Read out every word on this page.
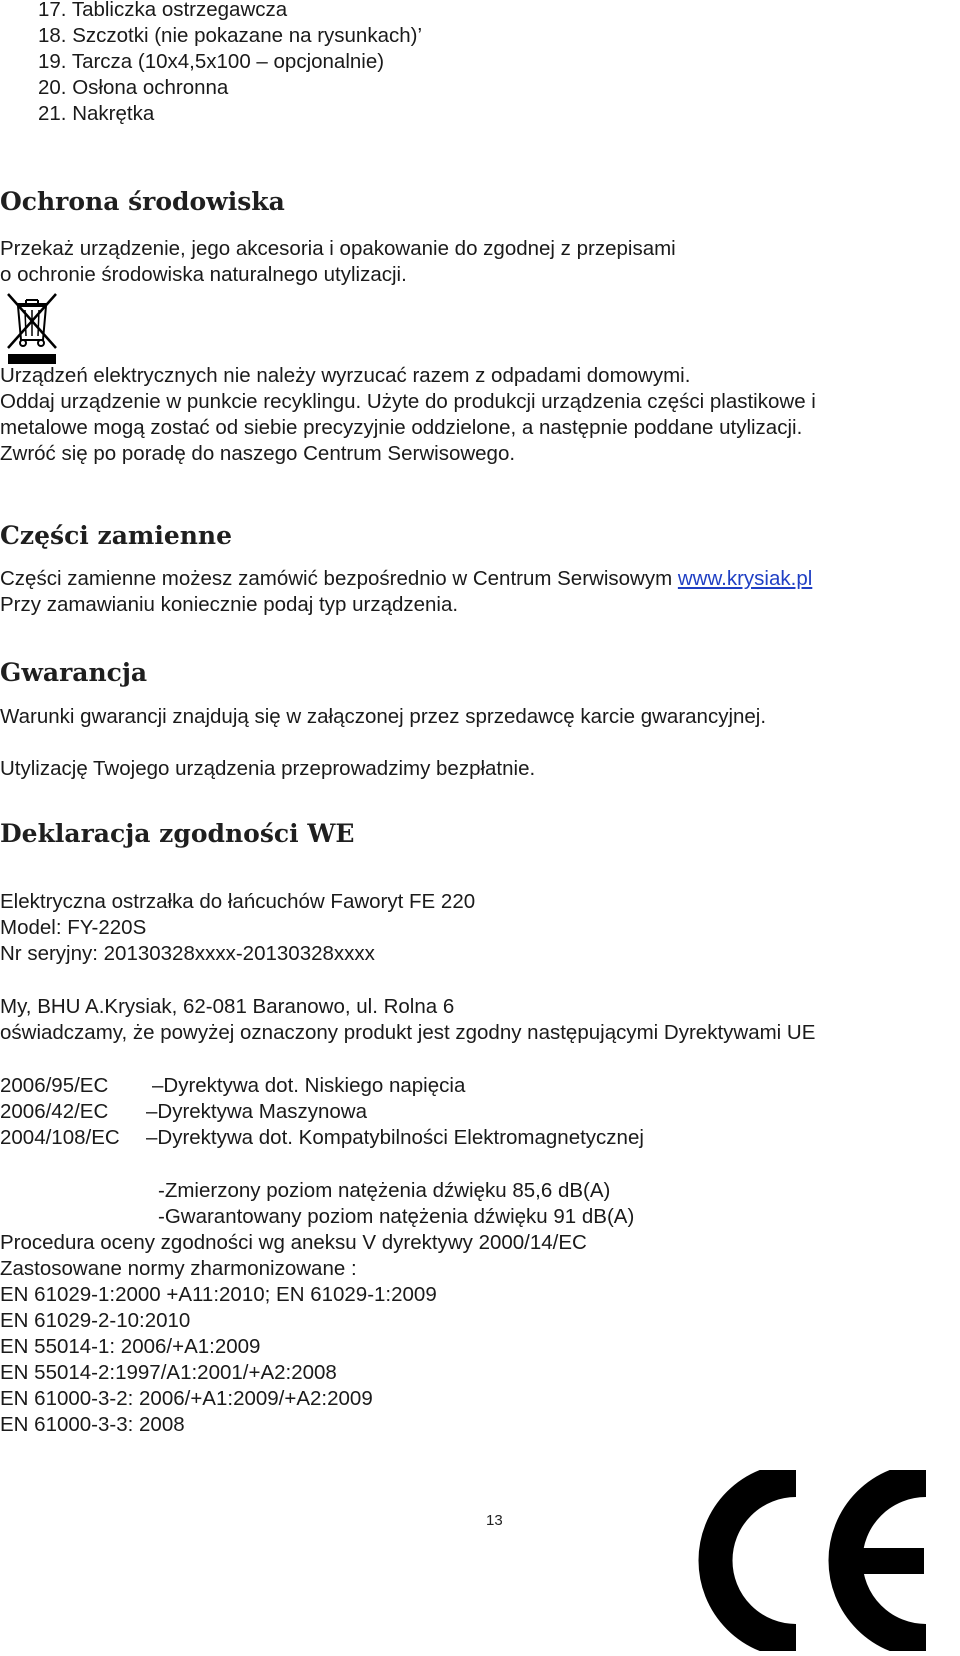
17. Tabliczka ostrzegawcza
18. Szczotki (nie pokazane na rysunkach)’
19. Tarcza (10x4,5x100 – opcjonalnie)
20. Osłona ochronna
21. Nakrętka
Ochrona środowiska
Przekaż urządzenie, jego akcesoria i opakowanie do zgodnej z przepisami
o ochronie środowiska naturalnego utylizacji.
Urządzeń elektrycznych nie należy wyrzucać razem z odpadami domowymi.
Oddaj urządzenie w punkcie recyklingu. Użyte do produkcji urządzenia części plastikowe i
metalowe mogą zostać od siebie precyzyjnie oddzielone, a następnie poddane utylizacji.
Zwróć się po poradę do naszego Centrum Serwisowego.
Części zamienne
Części zamienne możesz zamówić bezpośrednio w Centrum Serwisowym www.krysiak.pl
Przy zamawianiu koniecznie podaj typ urządzenia.
Gwarancja
Warunki gwarancji znajdują się w załączonej przez sprzedawcę karcie gwarancyjnej.
Utylizację Twojego urządzenia przeprowadzimy bezpłatnie.
Deklaracja zgodności WE
Elektryczna ostrzałka do łańcuchów Faworyt FE 220
Model: FY-220S
Nr seryjny: 20130328xxxx-20130328xxxx
My, BHU A.Krysiak, 62-081 Baranowo, ul. Rolna 6
oświadczamy, że powyżej oznaczony produkt jest zgodny następującymi Dyrektywami UE
2006/95/EC –Dyrektywa dot. Niskiego napięcia
2006/42/EC –Dyrektywa Maszynowa
2004/108/EC –Dyrektywa dot. Kompatybilności Elektromagnetycznej
-Zmierzony poziom natężenia dźwięku 85,6 dB(A)
-Gwarantowany poziom natężenia dźwięku 91 dB(A)
Procedura oceny zgodności wg aneksu V dyrektywy 2000/14/EC
Zastosowane normy zharmonizowane :
EN 61029-1:2000 +A11:2010; EN 61029-1:2009
EN 61029-2-10:2010
EN 55014-1: 2006/+A1:2009
EN 55014-2:1997/A1:2001/+A2:2008
EN 61000-3-2: 2006/+A1:2009/+A2:2009
EN 61000-3-3: 2008
13
